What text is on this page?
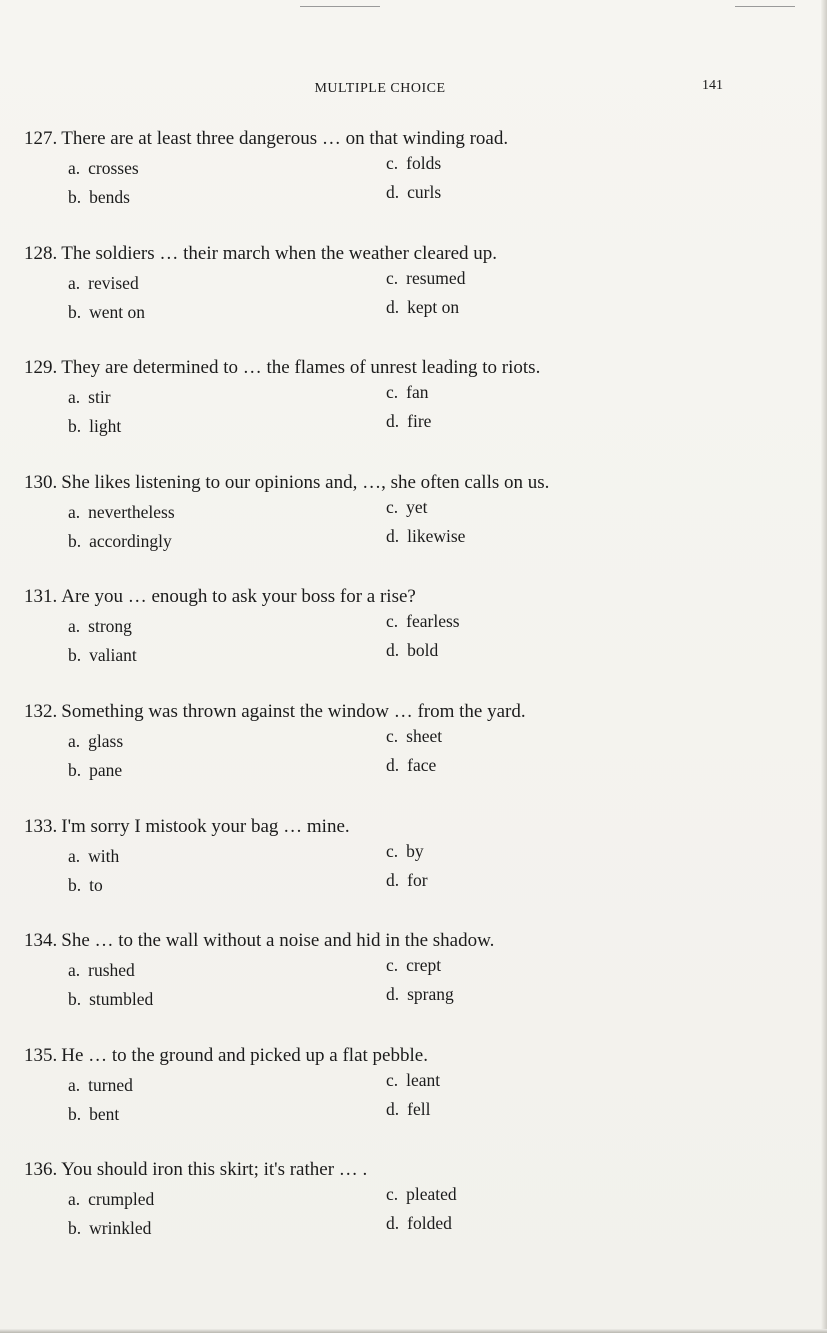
MULTIPLE CHOICE	141
127. There are at least three dangerous … on that winding road.
a. crosses
b. bends
c. folds
d. curls
128. The soldiers … their march when the weather cleared up.
a. revised
b. went on
c. resumed
d. kept on
129. They are determined to … the flames of unrest leading to riots.
a. stir
b. light
c. fan
d. fire
130. She likes listening to our opinions and, …, she often calls on us.
a. nevertheless
b. accordingly
c. yet
d. likewise
131. Are you … enough to ask your boss for a rise?
a. strong
b. valiant
c. fearless
d. bold
132. Something was thrown against the window … from the yard.
a. glass
b. pane
c. sheet
d. face
133. I'm sorry I mistook your bag … mine.
a. with
b. to
c. by
d. for
134. She … to the wall without a noise and hid in the shadow.
a. rushed
b. stumbled
c. crept
d. sprang
135. He … to the ground and picked up a flat pebble.
a. turned
b. bent
c. leant
d. fell
136. You should iron this skirt; it's rather … .
a. crumpled
b. wrinkled
c. pleated
d. folded
